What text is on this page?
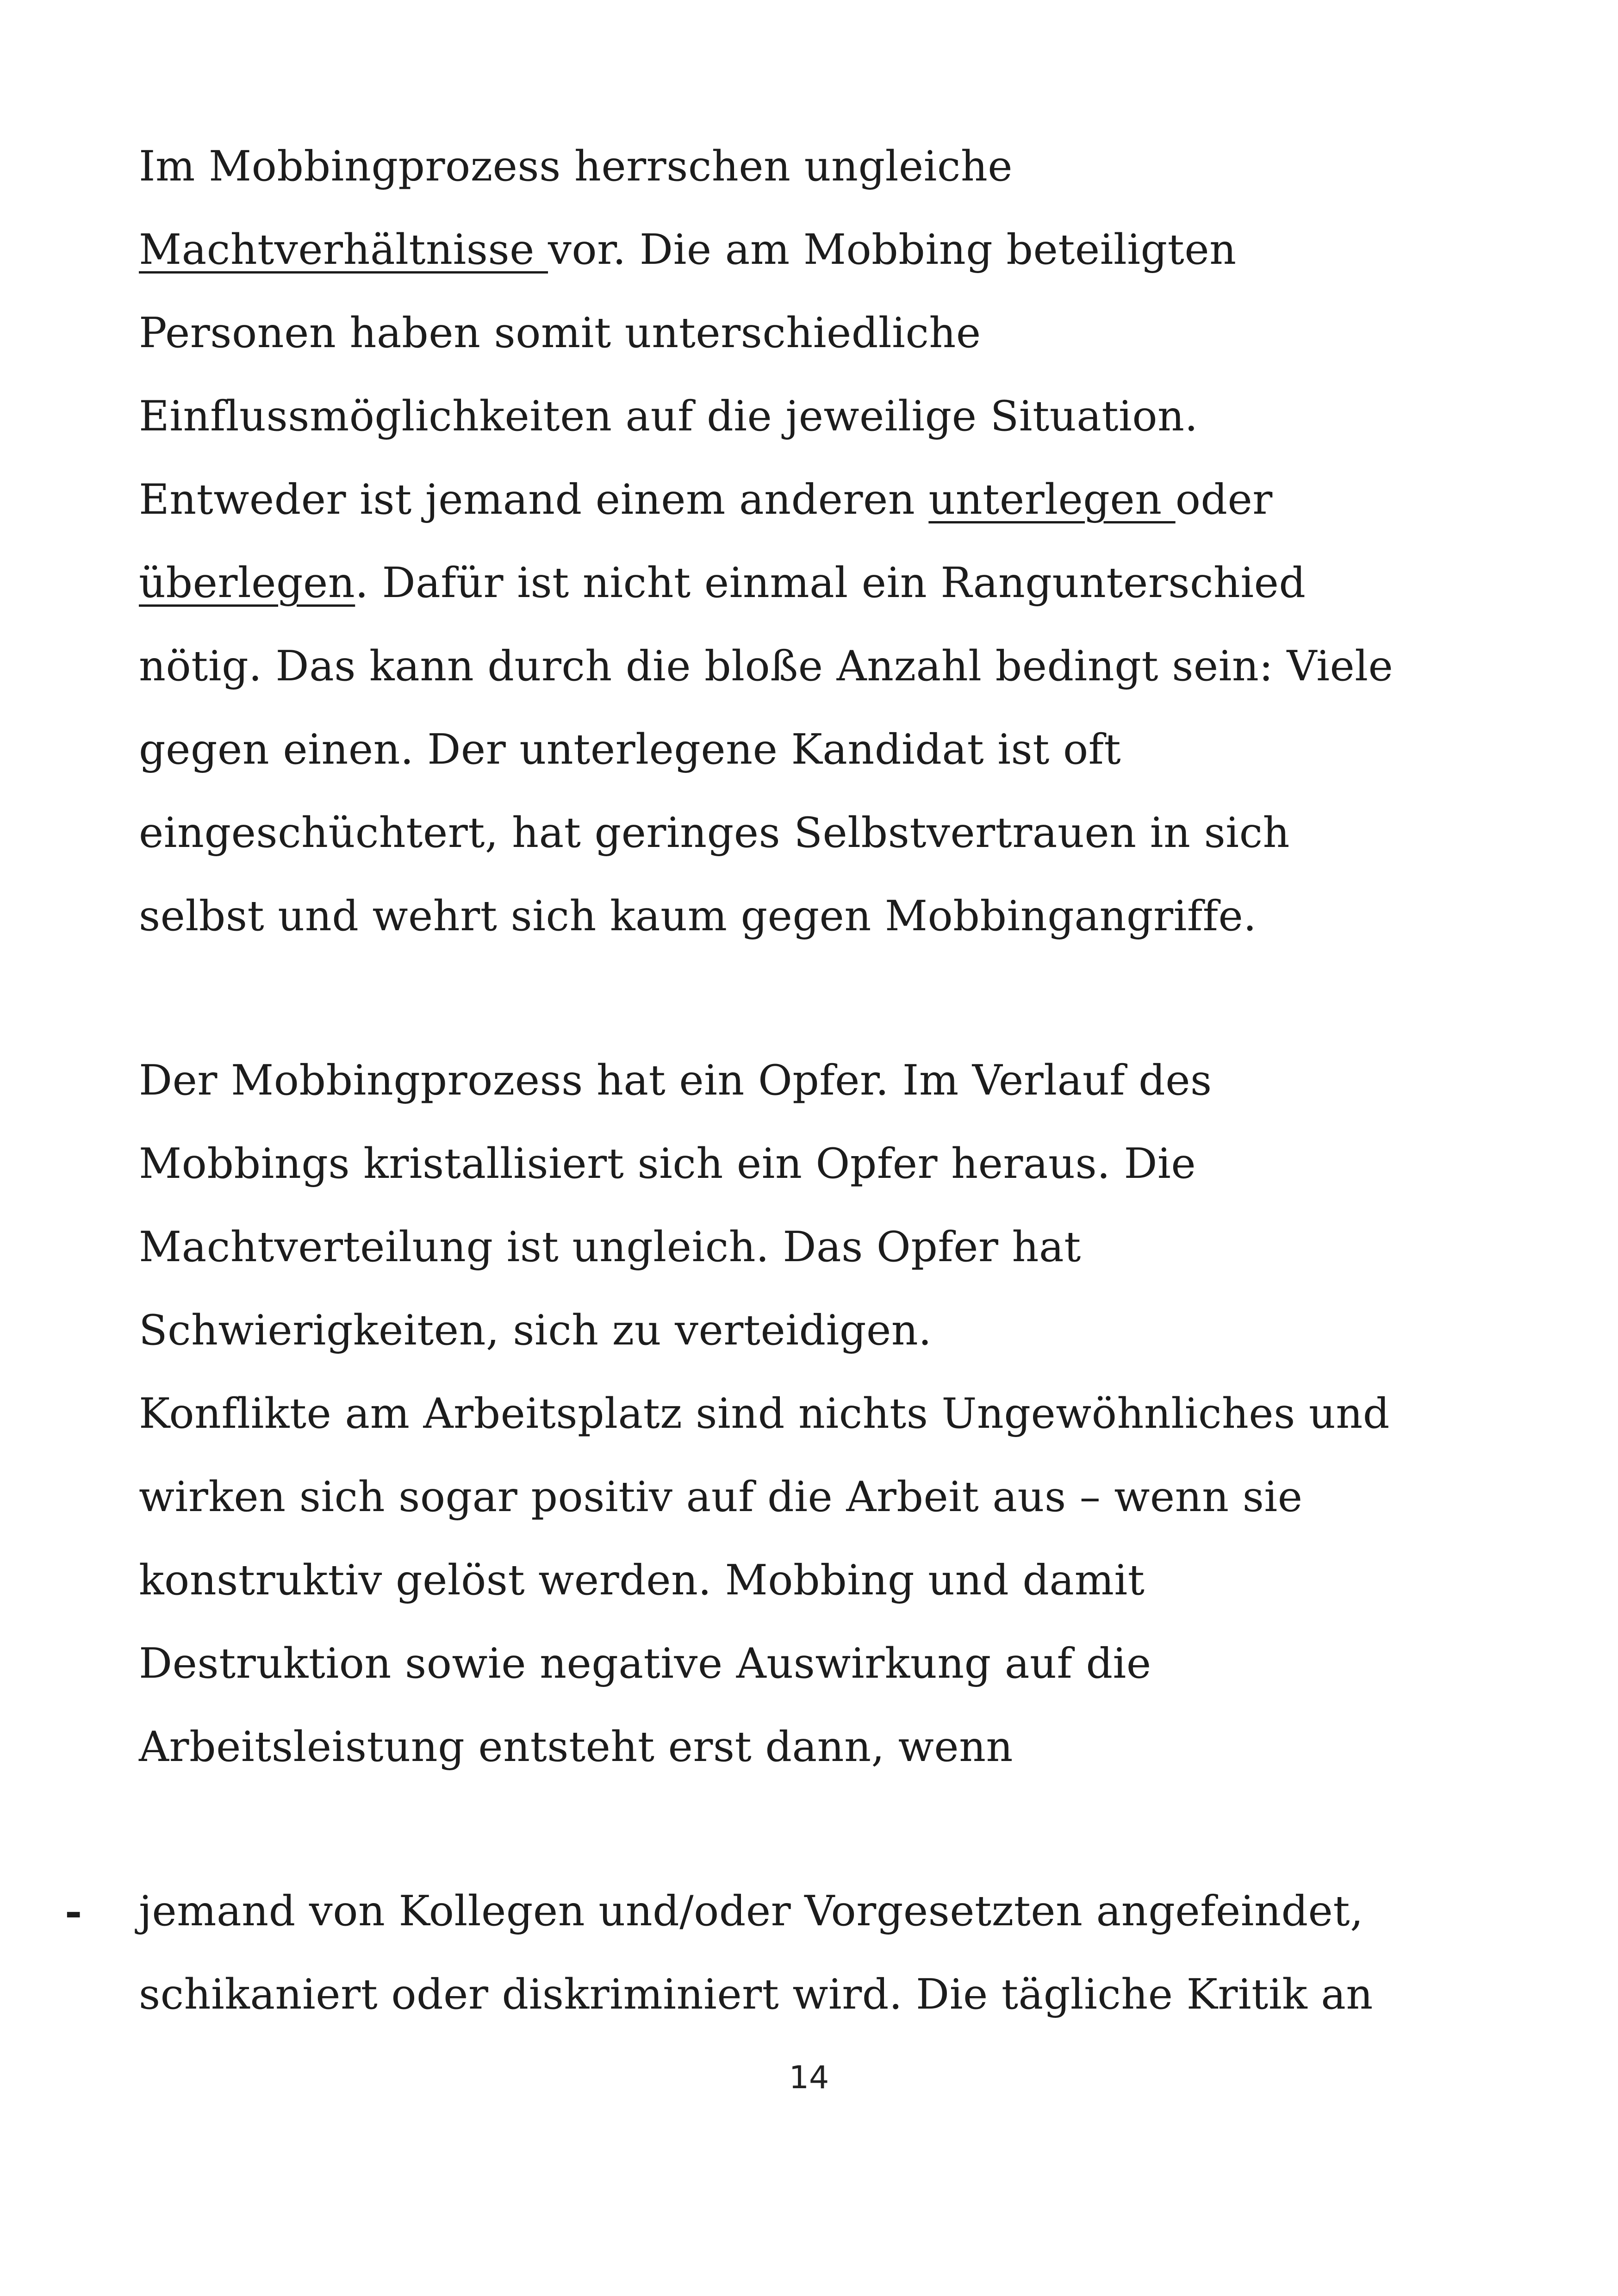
Im Mobbingprozess herrschen ungleiche
Machtverhältnisse vor. Die am Mobbing beteiligten
Personen haben somit unterschiedliche
Einflussmöglichkeiten auf die jeweilige Situation.
Entweder ist jemand einem anderen unterlegen oder
überlegen. Dafür ist nicht einmal ein Rangunterschied
nötig. Das kann durch die bloße Anzahl bedingt sein: Viele
gegen einen. Der unterlegene Kandidat ist oft
eingeschüchtert, hat geringes Selbstvertrauen in sich
selbst und wehrt sich kaum gegen Mobbingangriffe.
Der Mobbingprozess hat ein Opfer. Im Verlauf des
Mobbings kristallisiert sich ein Opfer heraus. Die
Machtverteilung ist ungleich. Das Opfer hat
Schwierigkeiten, sich zu verteidigen.
Konflikte am Arbeitsplatz sind nichts Ungewöhnliches und
wirken sich sogar positiv auf die Arbeit aus – wenn sie
konstruktiv gelöst werden. Mobbing und damit
Destruktion sowie negative Auswirkung auf die
Arbeitsleistung entsteht erst dann, wenn
- jemand von Kollegen und/oder Vorgesetzten angefeindet,
schikaniert oder diskriminiert wird. Die tägliche Kritik an
14
